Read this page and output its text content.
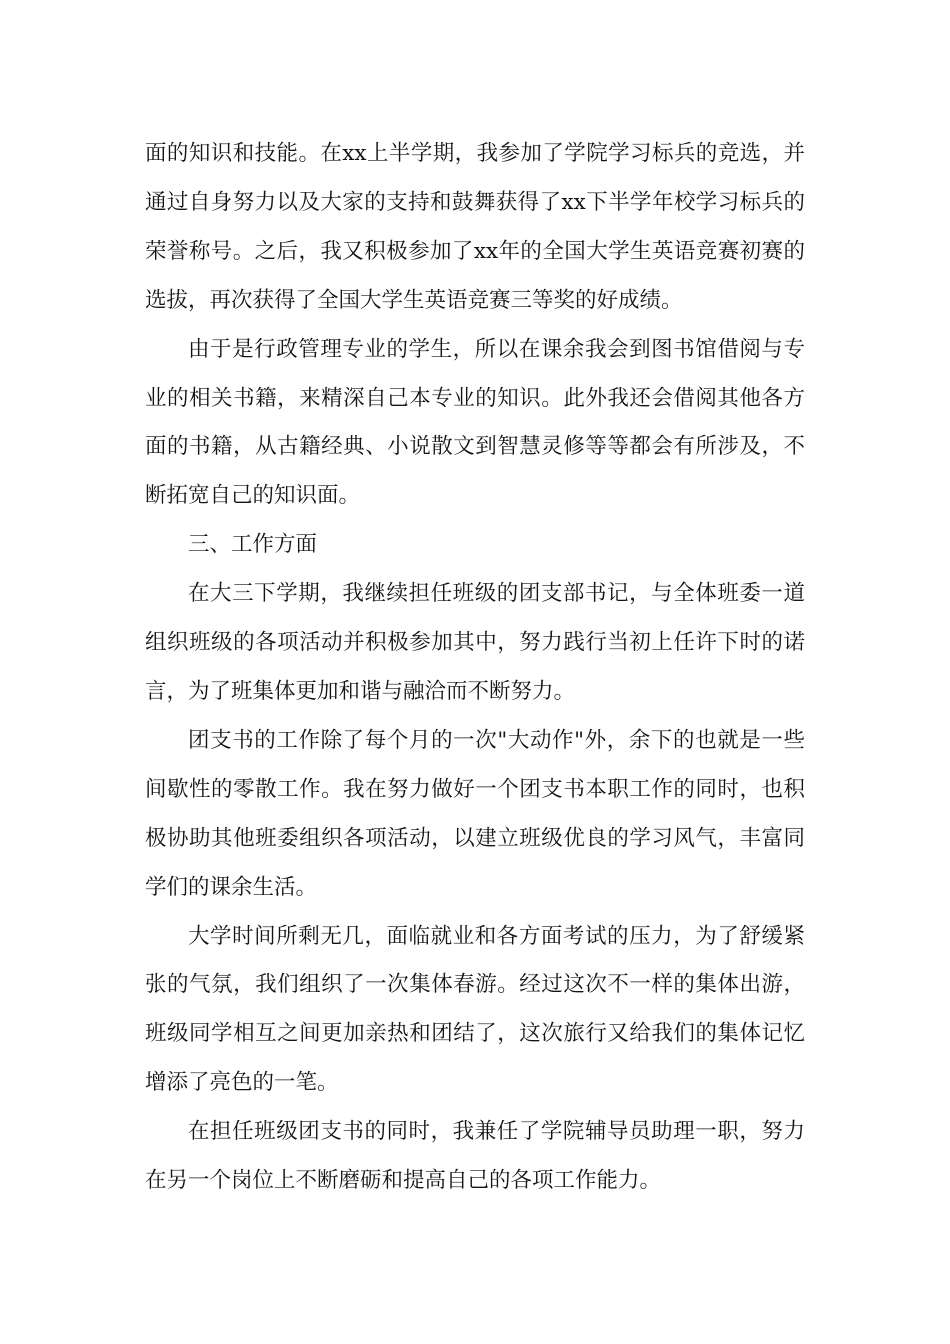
面的知识和技能。在xx上半学期，我参加了学院学习标兵的竞选，并通过自身努力以及大家的支持和鼓舞获得了xx下半学年校学习标兵的荣誉称号。之后，我又积极参加了xx年的全国大学生英语竞赛初赛的选拔，再次获得了全国大学生英语竞赛三等奖的好成绩。

由于是行政管理专业的学生，所以在课余我会到图书馆借阅与专业的相关书籍，来精深自己本专业的知识。此外我还会借阅其他各方面的书籍，从古籍经典、小说散文到智慧灵修等等都会有所涉及，不断拓宽自己的知识面。

三、工作方面

在大三下学期，我继续担任班级的团支部书记，与全体班委一道组织班级的各项活动并积极参加其中，努力践行当初上任许下时的诺言，为了班集体更加和谐与融洽而不断努力。

团支书的工作除了每个月的一次"大动作"外，余下的也就是一些间歇性的零散工作。我在努力做好一个团支书本职工作的同时，也积极协助其他班委组织各项活动，以建立班级优良的学习风气，丰富同学们的课余生活。

大学时间所剩无几，面临就业和各方面考试的压力，为了舒缓紧张的气氛，我们组织了一次集体春游。经过这次不一样的集体出游，班级同学相互之间更加亲热和团结了，这次旅行又给我们的集体记忆增添了亮色的一笔。

在担任班级团支书的同时，我兼任了学院辅导员助理一职，努力在另一个岗位上不断磨砺和提高自己的各项工作能力。
